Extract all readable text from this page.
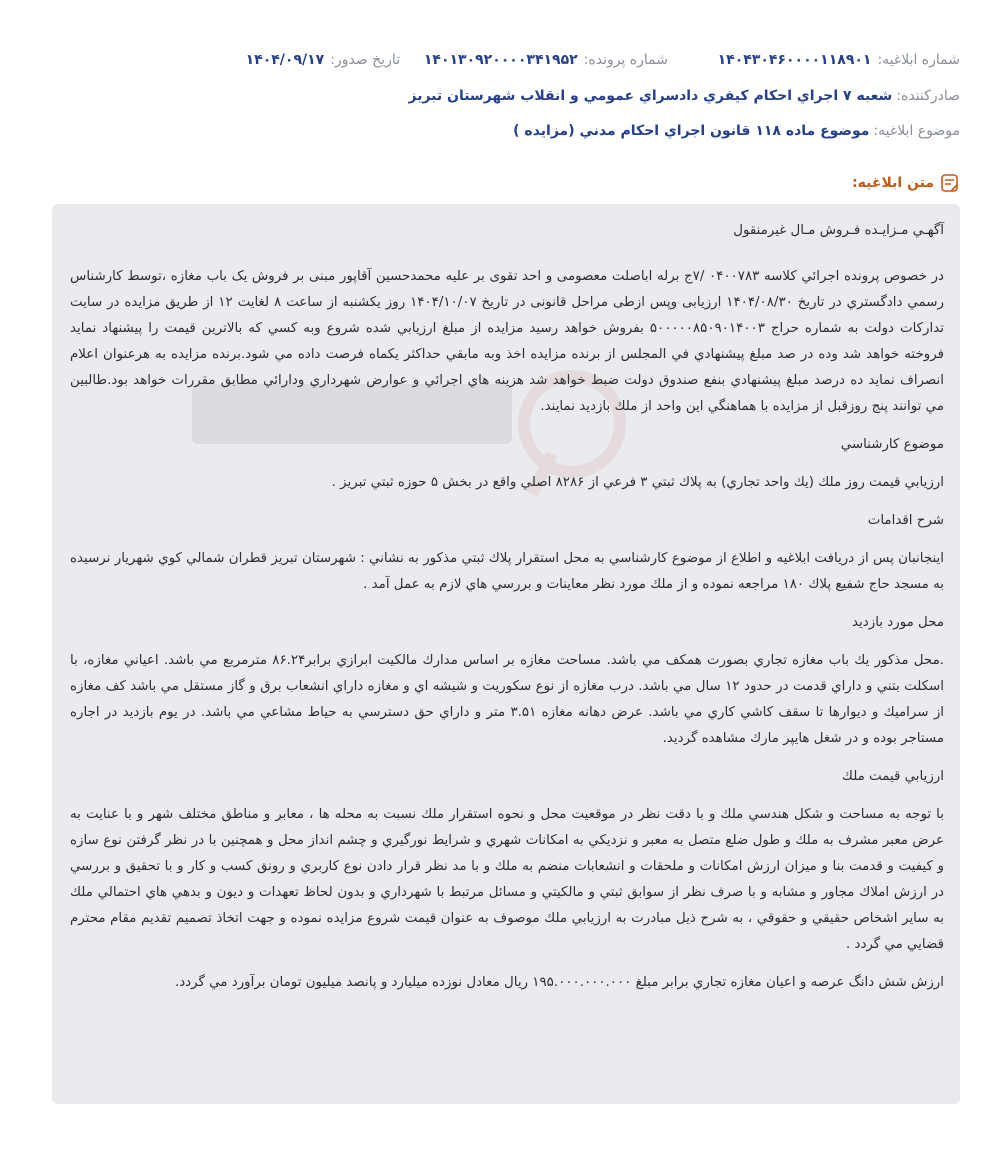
شماره ابلاغيه:۱۴۰۴۳۰۴۶۰۰۰۰۱۱۸۹۰۱
شماره پرونده:۱۴۰۱۳۰۹۲۰۰۰۰۳۴۱۹۵۲
تاريخ صدور:۱۴۰۴/۰۹/۱۷
صادرکننده:شعبه ۷ اجراي احکام کيفري دادسراي عمومي و انقلاب شهرستان تبريز
موضوع ابلاغيه:موضوع ماده ۱۱۸ قانون اجراي احکام مدني (مزايده )
متن ابلاغيه:

آگهـي مـزايـده فـروش مـال غيرمنقول

در خصوص پرونده اجرائي كلاسه ۰۴۰۰۷۸۳ /۷ج برله اباصلت معصومی و احد تقوی بر علیه محمدحسین آقاپور مبنی بر فروش یک باب مغازه ،توسط كارشناس رسمي دادگستري در تاريخ ۱۴۰۴/۰۸/۳۰ ارزیابی وپس ازطی مراحل قانونی در تاریخ ۱۴۰۴/۱۰/۰۷ روز یکشنبه از ساعت ۸ لغايت ۱۲ از طريق مزايده در سایت تدارکات دولت به شماره حراج ۵۰۰۰۰۰۸۵۰۹۰۱۴۰۰۳ بفروش خواهد رسيد مزايده از مبلغ ارزيابي شده شروع وبه كسي كه بالاترين قيمت را پيشنهاد نمايد فروخته خواهد شد وده در صد مبلغ پيشنهادي في المجلس از برنده مزايده اخذ وبه مابقي حداكثر يكماه فرصت داده مي شود.برنده مزايده به هرعنوان اعلام انصراف نمايد ده درصد مبلغ پيشنهادي بنفع صندوق دولت ضبط خواهد شد هزينه هاي اجرائي و عوارض شهرداري ودارائي مطابق مقررات خواهد بود.طالبين مي توانند پنج روزقبل از مزايده با هماهنگي اين واحد از ملك بازديد نمايند.

موضوع كارشناسي

ارزيابي قيمت روز ملك (يك واحد تجاري) به پلاك ثبتي ۳ فرعي از ۸۲۸۶ اصلي واقع در بخش ۵ حوزه ثبتي تبريز .

شرح اقدامات

اينجانبان پس از دريافت ابلاغيه و اطلاع از موضوع كارشناسي به محل استقرار پلاك ثبتي مذكور به نشاني : شهرستان تبريز قطران شمالي كوي شهريار نرسيده به مسجد حاج شفيع پلاك ۱۸۰ مراجعه نموده و از ملك مورد نظر معاينات و بررسي هاي لازم به عمل آمد .

محل مورد بازديد

.محل مذكور يك باب مغازه تجاري بصورت همكف مي باشد. مساحت مغازه بر اساس مدارك مالكيت ابرازي برابر۸۶.۲۴ مترمربع مي باشد. اعياني مغازه، با اسكلت بتني و داراي قدمت در حدود ۱۲ سال مي باشد. درب مغازه از نوع سكوريت و شيشه اي و مغازه داراي انشعاب برق و گاز مستقل مي باشد كف مغازه از سراميك و ديوارها تا سقف كاشي كاري مي باشد. عرض دهانه مغازه ۳.۵۱ متر و داراي حق دسترسي به حياط مشاعي مي باشد. در يوم بازديد در اجاره مستاجر بوده و در شغل هايپر مارك مشاهده گرديد.

ارزيابي قيمت ملك

با توجه به مساحت و شكل هندسي ملك و با دقت نظر در موقعيت محل و نحوه استقرار ملك نسبت به محله ها ، معابر و مناطق مختلف شهر و با عنايت به عرض معبر مشرف به ملك و طول ضلع متصل به معبر و نزديكي به امكانات شهري و شرايط نورگيري و چشم انداز محل و همچنين با در نظر گرفتن نوع سازه و كيفيت و قدمت بنا و ميزان ارزش امكانات و ملحقات و انشعابات منضم به ملك و با مد نظر قرار دادن نوع كاربري و رونق كسب و كار و با تحقيق و بررسي در ارزش املاك مجاور و مشابه و با صرف نظر از سوابق ثبتي و مالكيتي و مسائل مرتبط با شهرداري و بدون لحاظ تعهدات و ديون و بدهي هاي احتمالي ملك به ساير اشخاص حقيقي و حقوقي ، به شرح ذيل مبادرت به ارزيابي ملك موصوف به عنوان قيمت شروع مزايده نموده و جهت اتخاذ تصميم تقديم مقام محترم قضايي مي گردد .

ارزش شش دانگ عرصه و اعيان مغازه تجاري برابر مبلغ ۱۹۵.۰۰۰.۰۰۰.۰۰۰ ريال معادل نوزده ميليارد و پانصد ميليون تومان برآورد مي گردد.
